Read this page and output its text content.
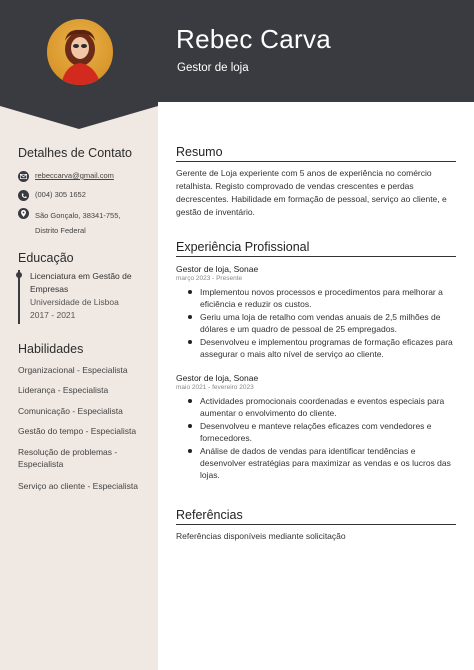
Rebec Carva
Gestor de loja
Detalhes de Contato
rebeccarva@gmail.com
(004) 305 1652
São Gonçalo, 38341-755,
Distrito Federal
Educação
Licenciatura em Gestão de
Empresas
Universidade de Lisboa
2017 - 2021
Habilidades
Organizacional - Especialista
Liderança - Especialista
Comunicação - Especialista
Gestão do tempo - Especialista
Resolução de problemas -
Especialista
Serviço ao cliente - Especialista
Resumo
Gerente de Loja experiente com 5 anos de experiência no comércio retalhista. Registo comprovado de vendas crescentes e perdas decrescentes. Habilidade em formação de pessoal, serviço ao cliente, e gestão de inventário.
Experiência Profissional
Gestor de loja, Sonae
março 2023 - Presente
Implementou novos processos e procedimentos para melhorar a eficiência e reduzir os custos.
Geriu uma loja de retalho com vendas anuais de 2,5 milhões de dólares e um quadro de pessoal de 25 empregados.
Desenvolveu e implementou programas de formação eficazes para assegurar o mais alto nível de serviço ao cliente.
Gestor de loja, Sonae
maio 2021 - fevereiro 2023
Actividades promocionais coordenadas e eventos especiais para aumentar o envolvimento do cliente.
Desenvolveu e manteve relações eficazes com vendedores e fornecedores.
Análise de dados de vendas para identificar tendências e desenvolver estratégias para maximizar as vendas e os lucros das lojas.
Referências
Referências disponíveis mediante solicitação
